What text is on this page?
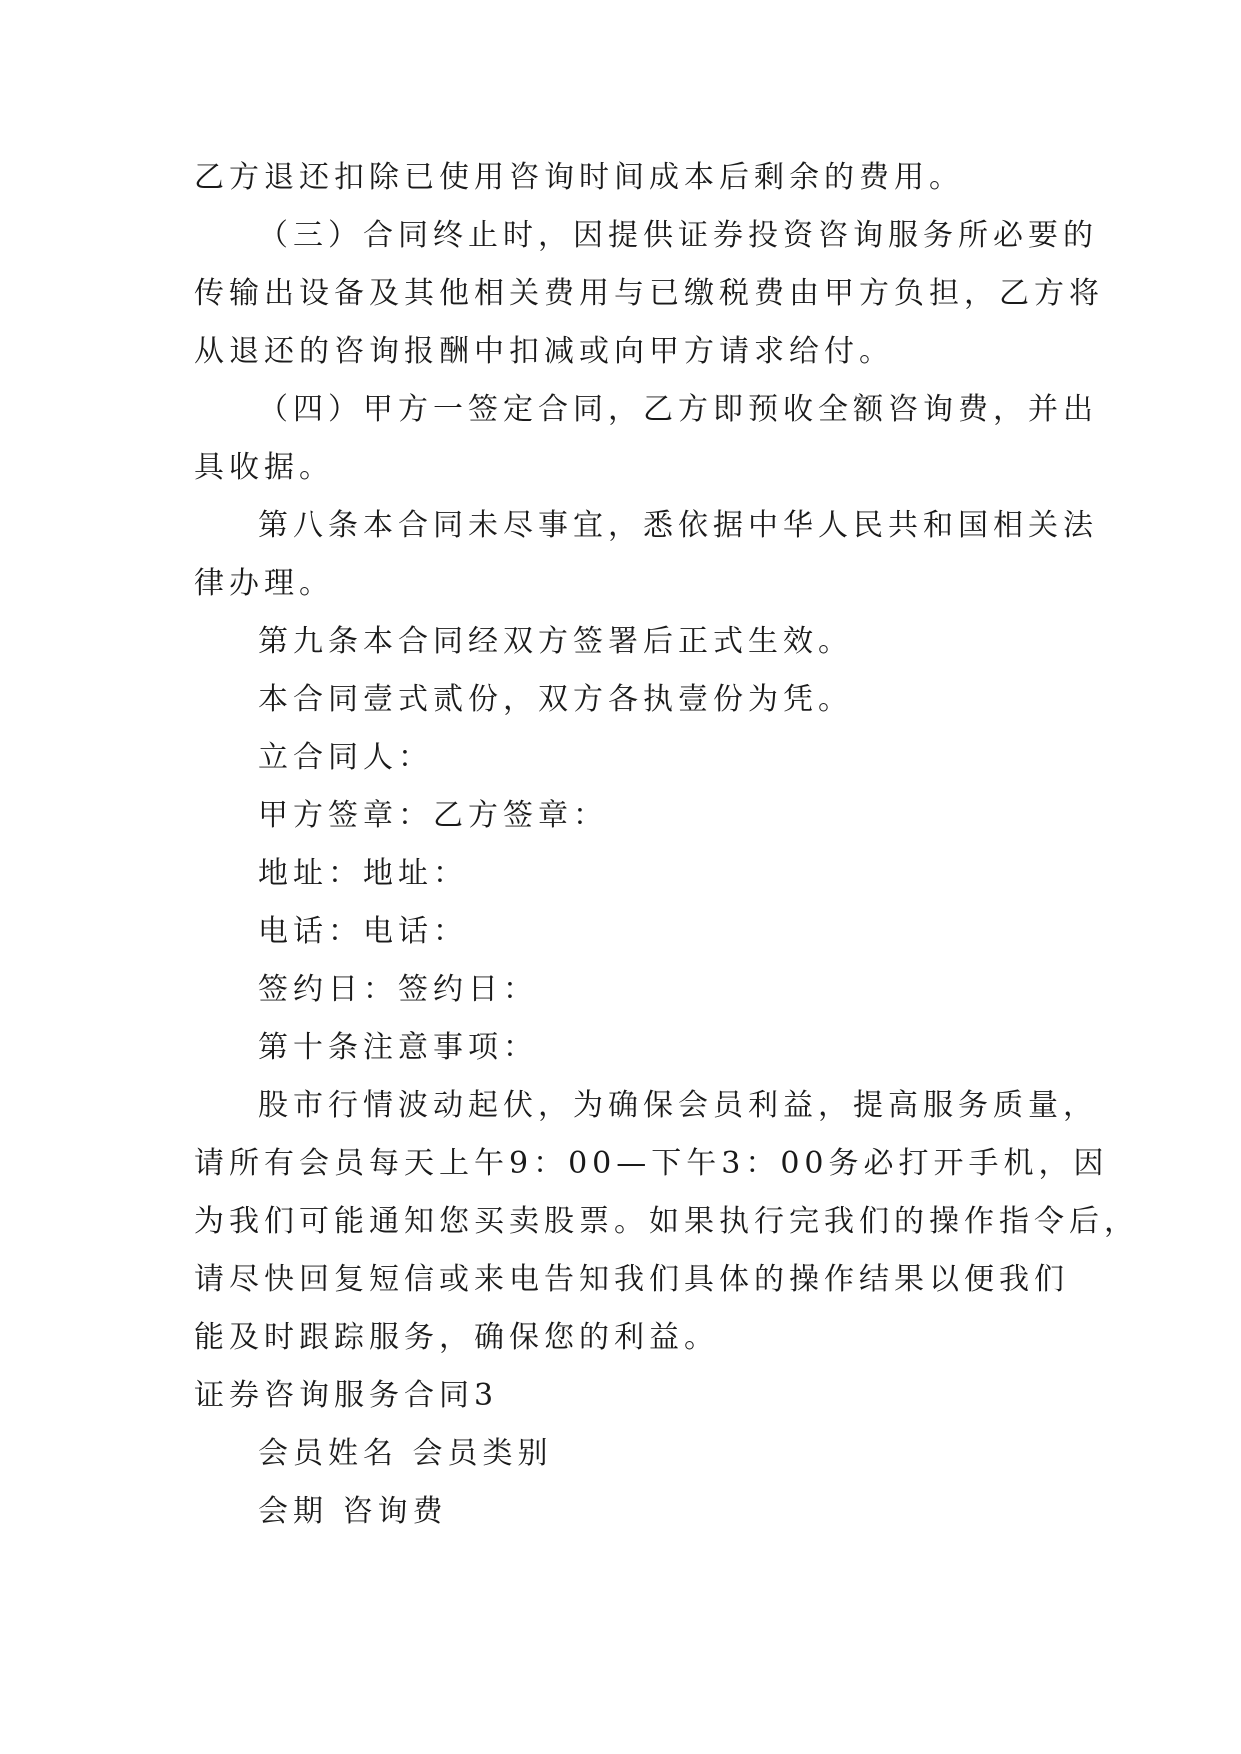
乙方退还扣除已使用咨询时间成本后剩余的费用。
（三）合同终止时，因提供证券投资咨询服务所必要的
传输出设备及其他相关费用与已缴税费由甲方负担，乙方将
从退还的咨询报酬中扣减或向甲方请求给付。
（四）甲方一签定合同，乙方即预收全额咨询费，并出
具收据。
第八条本合同未尽事宜，悉依据中华人民共和国相关法
律办理。
第九条本合同经双方签署后正式生效。
本合同壹式贰份，双方各执壹份为凭。
立合同人：
甲方签章：乙方签章：
地址：地址：
电话：电话：
签约日：签约日：
第十条注意事项：
股市行情波动起伏，为确保会员利益，提高服务质量，
请所有会员每天上午9：00—下午3：00务必打开手机，因
为我们可能通知您买卖股票。如果执行完我们的操作指令后，
请尽快回复短信或来电告知我们具体的操作结果以便我们
能及时跟踪服务，确保您的利益。
证券咨询服务合同3
会员姓名 会员类别
会期 咨询费
